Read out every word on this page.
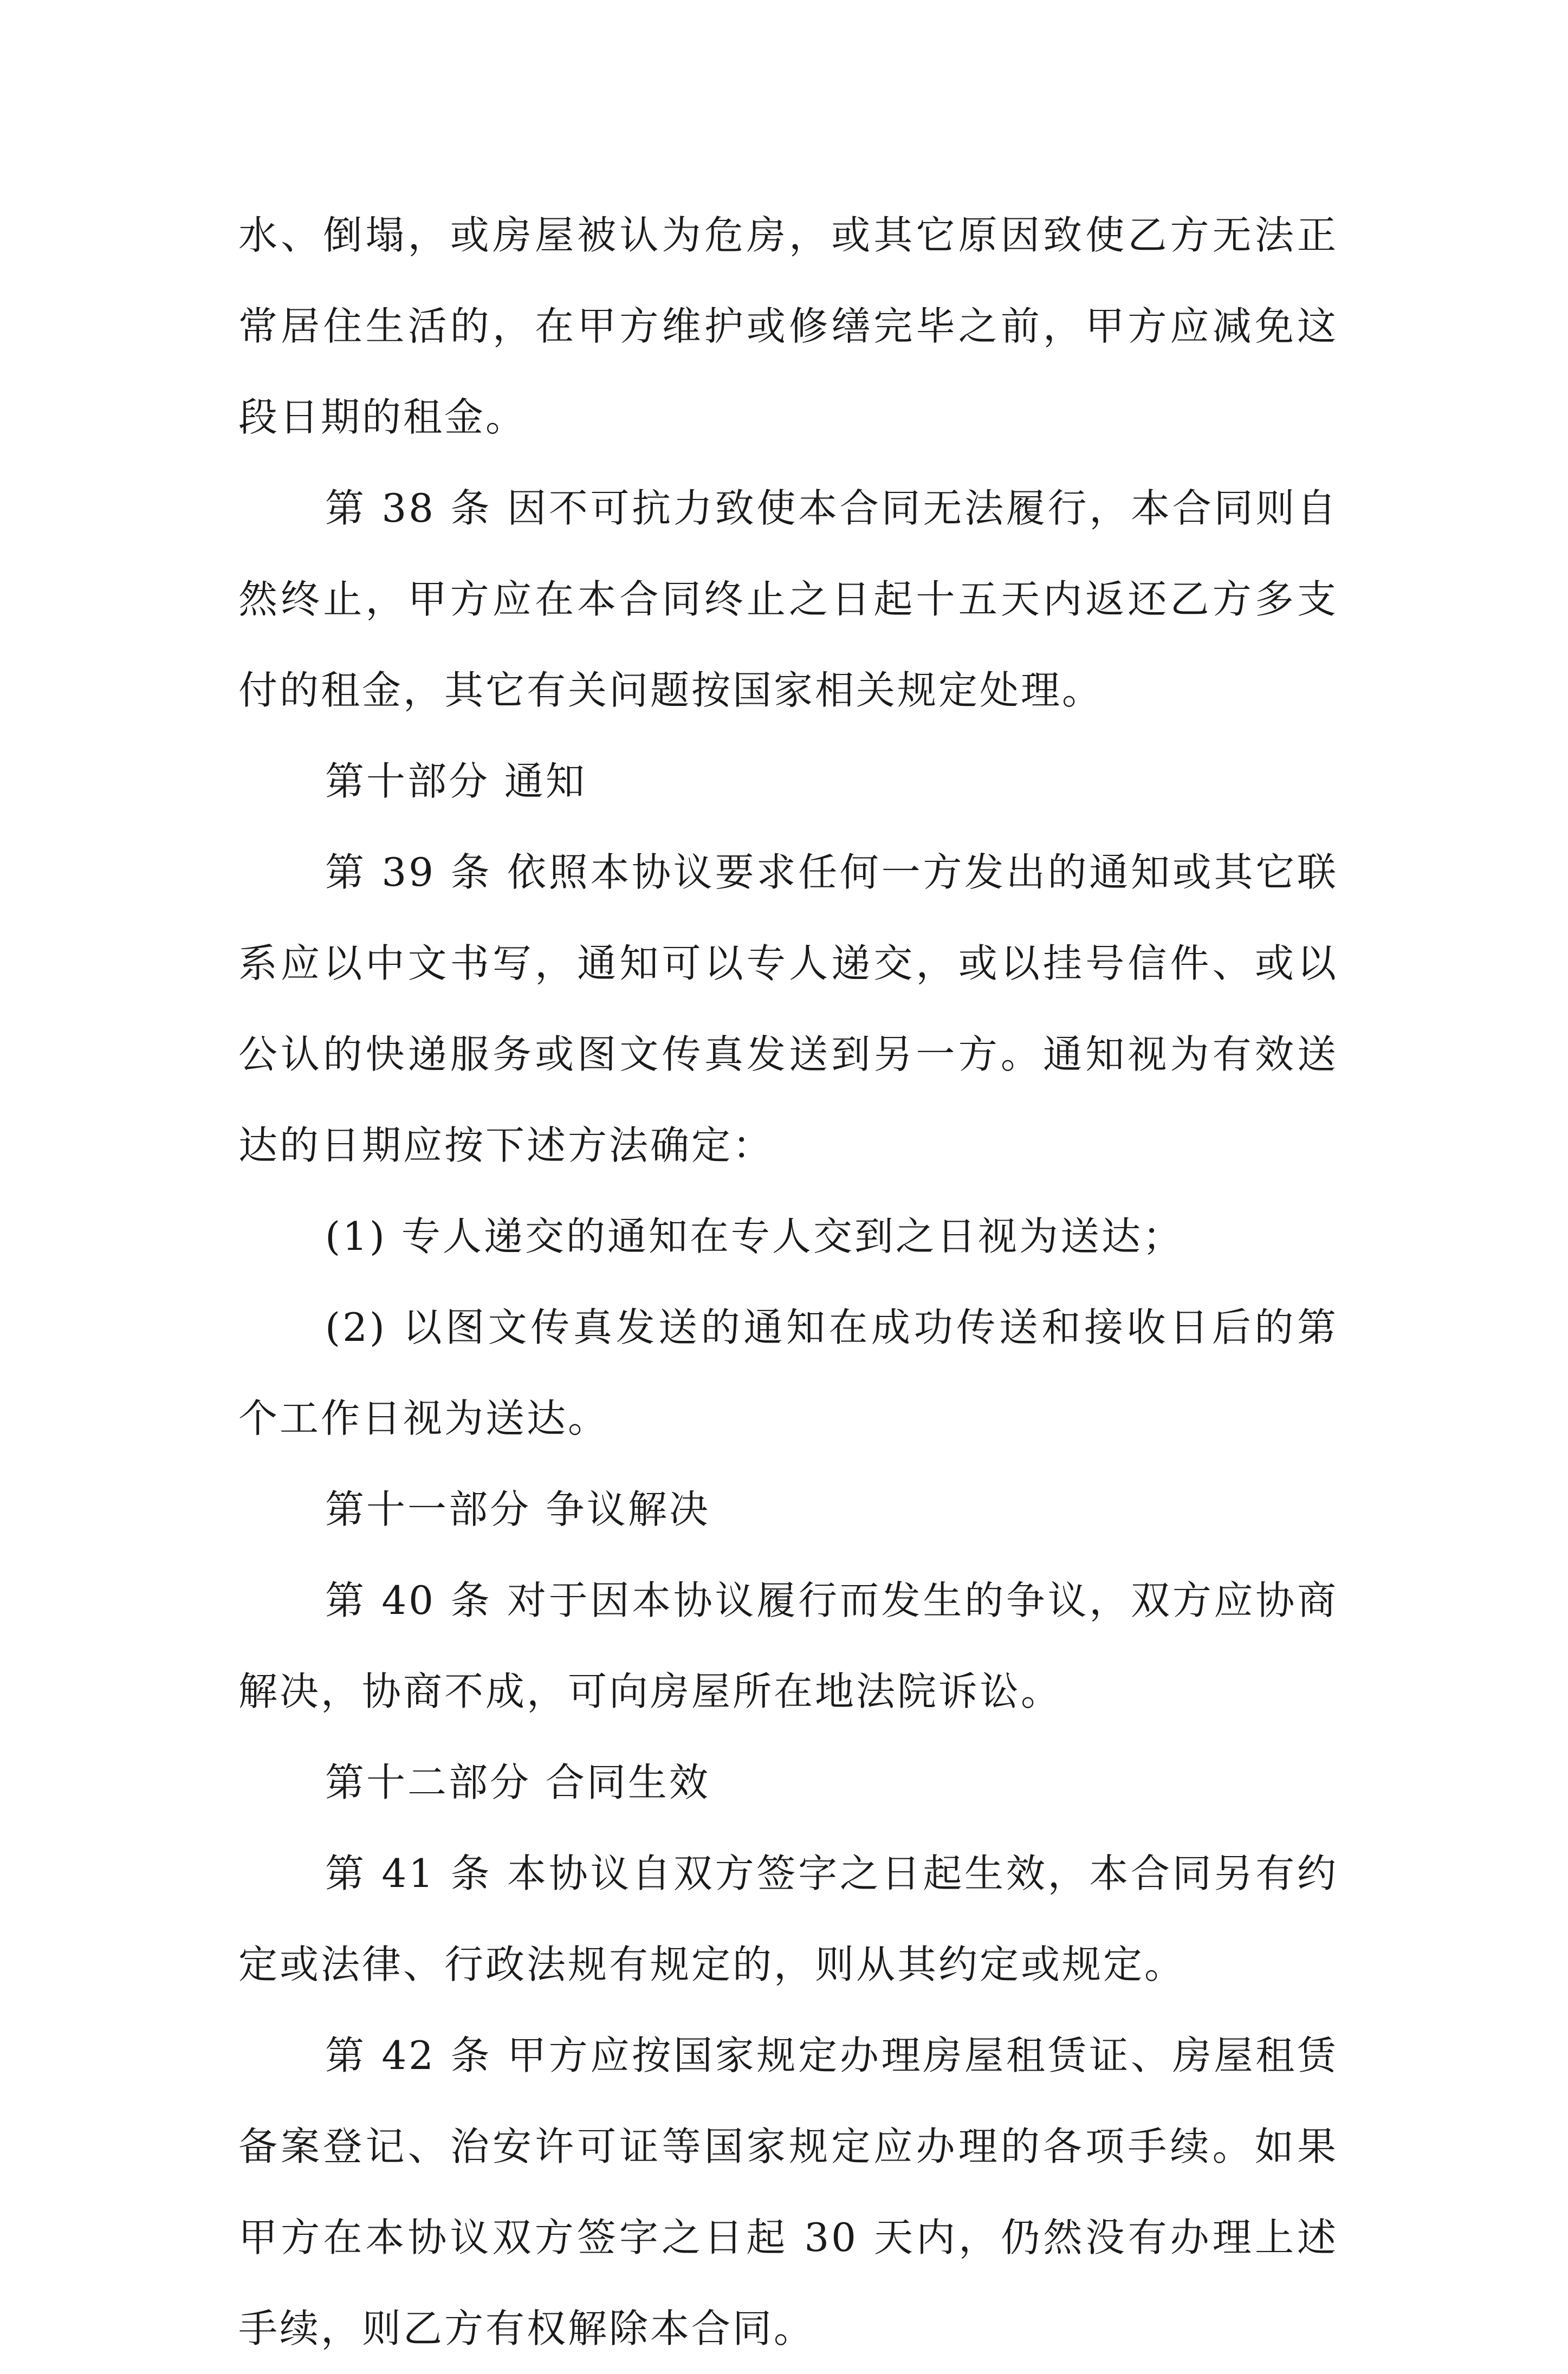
水、倒塌，或房屋被认为危房，或其它原因致使乙方无法正常居住生活的，在甲方维护或修缮完毕之前，甲方应减免这段日期的租金。

第 38 条 因不可抗力致使本合同无法履行，本合同则自然终止，甲方应在本合同终止之日起十五天内返还乙方多支付的租金，其它有关问题按国家相关规定处理。

第十部分 通知

第 39 条 依照本协议要求任何一方发出的通知或其它联系应以中文书写，通知可以专人递交，或以挂号信件、或以公认的快递服务或图文传真发送到另一方。通知视为有效送达的日期应按下述方法确定：

(1) 专人递交的通知在专人交到之日视为送达；

(2) 以图文传真发送的通知在成功传送和接收日后的第个工作日视为送达。

第十一部分 争议解决

第 40 条 对于因本协议履行而发生的争议，双方应协商解决，协商不成，可向房屋所在地法院诉讼。

第十二部分 合同生效

第 41 条 本协议自双方签字之日起生效，本合同另有约定或法律、行政法规有规定的，则从其约定或规定。

第 42 条 甲方应按国家规定办理房屋租赁证、房屋租赁备案登记、治安许可证等国家规定应办理的各项手续。如果甲方在本协议双方签字之日起 30 天内，仍然没有办理上述手续，则乙方有权解除本合同。
